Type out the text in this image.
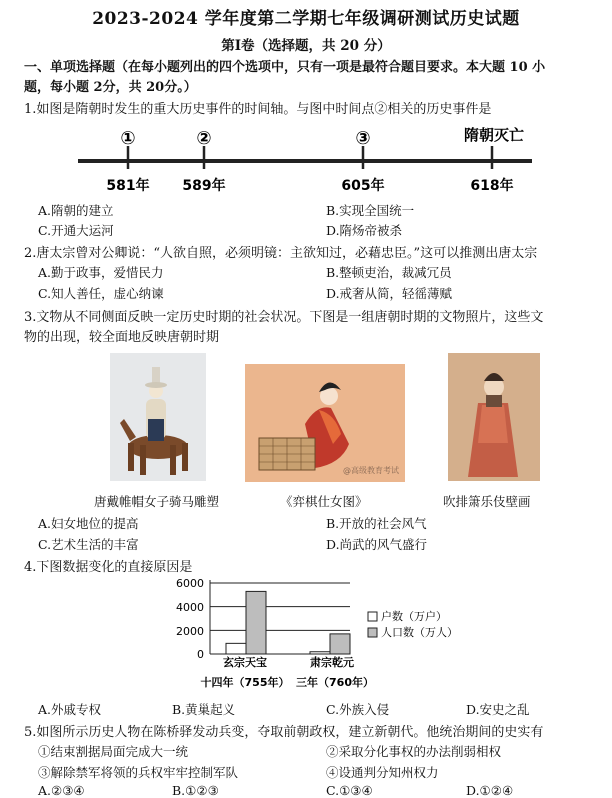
2023-2024 学年度第二学期七年级调研测试历史试题
第Ⅰ卷（选择题，共 20 分）
一、单项选择题（在每小题列出的四个选项中，只有一项是最符合题目要求。本大题 10 小
题，每小题 2分，共 20分。）
1.如图是隋朝时发生的重大历史事件的时间轴。与图中时间点②相关的历史事件是
①	②	③	隋朝灭亡
581年 589年	605年	618年
A.隋朝的建立	B.实现全国统一
C.开通大运河	D.隋炀帝被杀
2.唐太宗曾对公卿说：“人欲自照，必须明镜：主欲知过，必藉忠臣。”这可以推测出唐太宗
A.勤于政事，爱惜民力	B.整顿吏治，裁减冗员
C.知人善任，虚心纳谏	D.戒奢从简，轻徭薄赋
3.文物从不同侧面反映一定历史时期的社会状况。下图是一组唐朝时期的文物照片，这些文
物的出现，较全面地反映唐朝时期
@高级教育考试
唐戴帷帽女子骑马雕塑	《弈棋仕女图》	吹排箫乐伎壁画
A.妇女地位的提高	B.开放的社会风气
C.艺术生活的丰富	D.尚武的风气盛行
4.下图数据变化的直接原因是
6000
4000
2000
0
玄宗天宝	肃宗乾元
十四年（755年） 三年（760年）
户数（万户）
人口数（万人）
A.外戚专权	B.黄巢起义	C.外族入侵	D.安史之乱
5.如图所示历史人物在陈桥驿发动兵变，夺取前朝政权，建立新朝代。他统治期间的史实有
①结束割据局面完成大一统	②采取分化事权的办法削弱相权
③解除禁军将领的兵权牢牢控制军队	④设通判分知州权力
A.②③④	B.①②③	C.①③④	D.①②④
